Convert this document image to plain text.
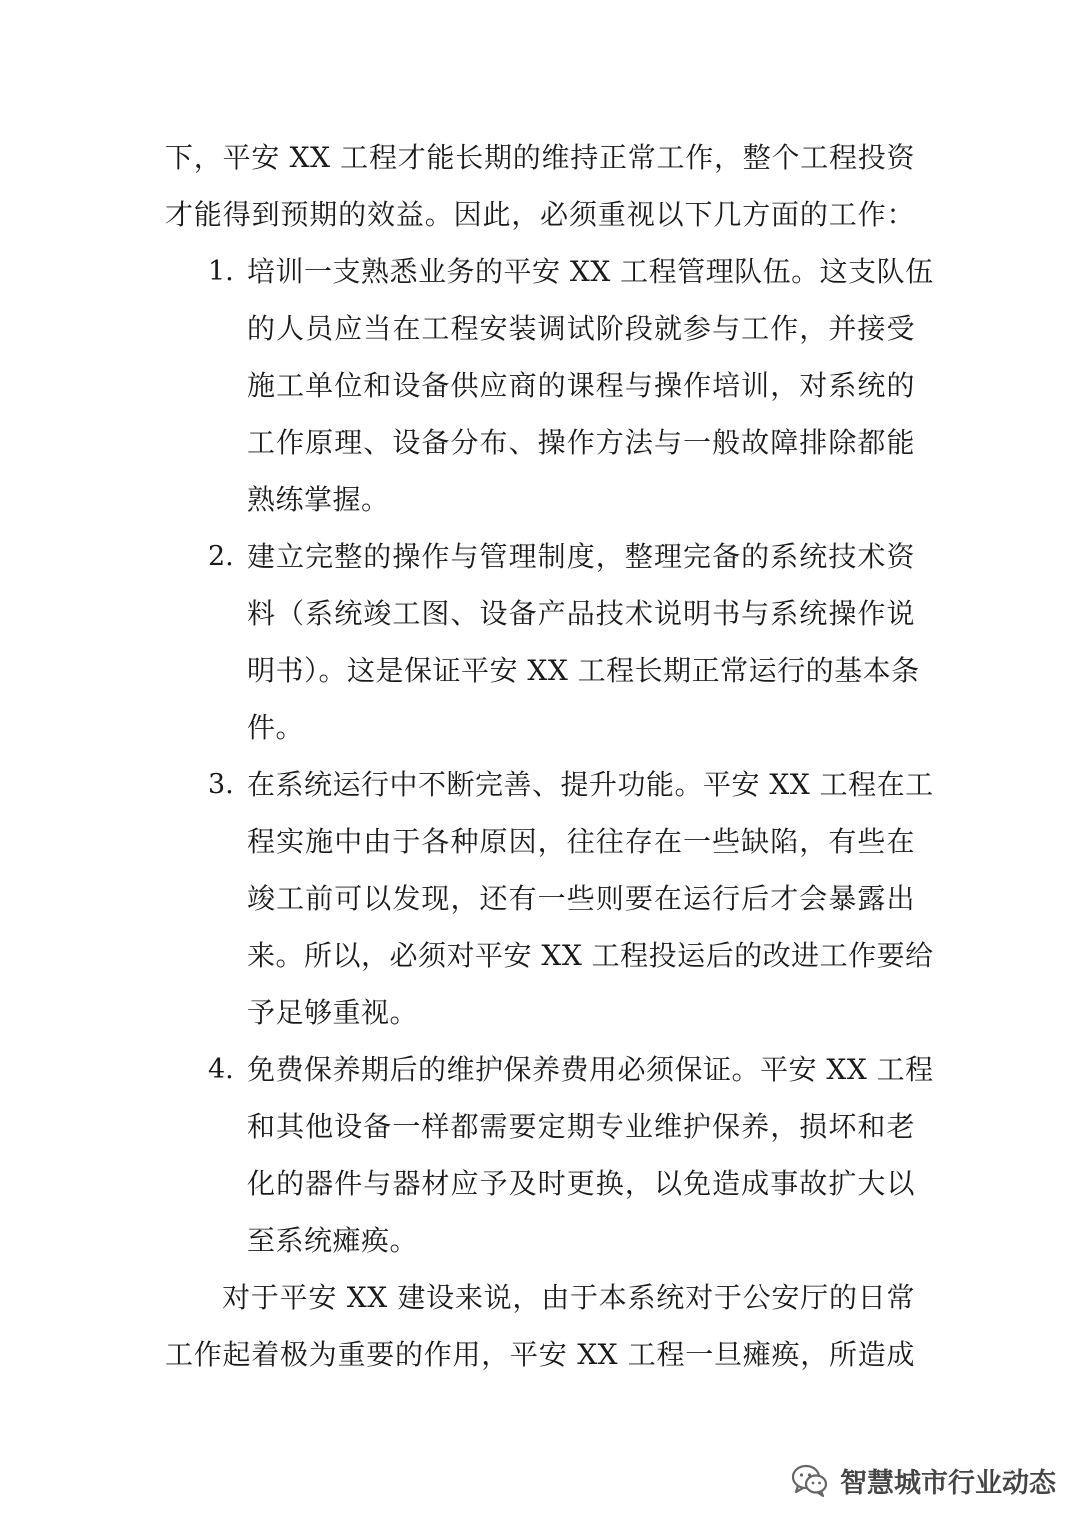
下，平安 XX 工程才能长期的维持正常工作，整个工程投资
才能得到预期的效益。因此，必须重视以下几方面的工作：
1. 培训一支熟悉业务的平安 XX 工程管理队伍。这支队伍
的人员应当在工程安装调试阶段就参与工作，并接受
施工单位和设备供应商的课程与操作培训，对系统的
工作原理、设备分布、操作方法与一般故障排除都能
熟练掌握。
2. 建立完整的操作与管理制度，整理完备的系统技术资
料（系统竣工图、设备产品技术说明书与系统操作说
明书）。这是保证平安 XX 工程长期正常运行的基本条
件。
3. 在系统运行中不断完善、提升功能。平安 XX 工程在工
程实施中由于各种原因，往往存在一些缺陷，有些在
竣工前可以发现，还有一些则要在运行后才会暴露出
来。所以，必须对平安 XX 工程投运后的改进工作要给
予足够重视。
4. 免费保养期后的维护保养费用必须保证。平安 XX 工程
和其他设备一样都需要定期专业维护保养，损坏和老
化的器件与器材应予及时更换，以免造成事故扩大以
至系统瘫痪。
对于平安 XX 建设来说，由于本系统对于公安厅的日常
工作起着极为重要的作用，平安 XX 工程一旦瘫痪，所造成
智慧城市行业动态
